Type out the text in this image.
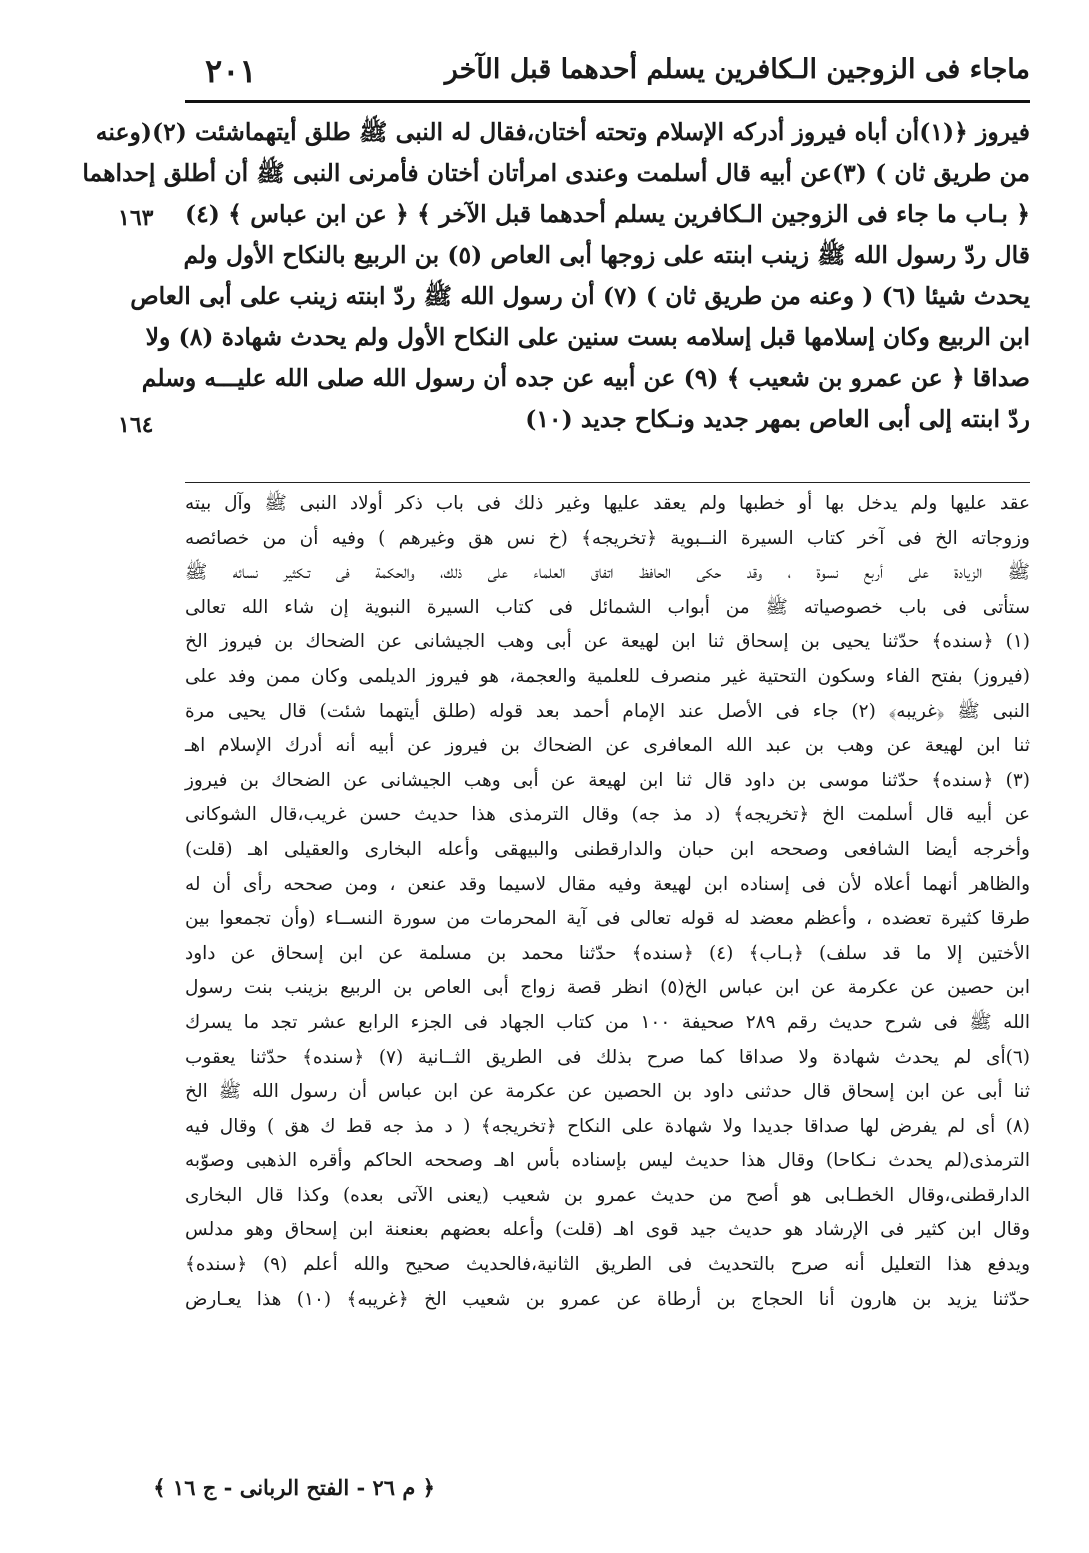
ماجاء فى الزوجين الـكافرين يسلم أحدهما قبل الآخر
٢٠١
١٦٣
١٦٤
فيروز ﴿(١)أن أباه فيروز أدركه الإسلام وتحته أختان،فقال له النبى ﷺ طلق أيتهماشئت (٢)(وعنه
من طريق ثان ) (٣)عن أبيه قال أسلمت وعندى امرأتان أختان فأمرنى النبى ﷺ أن أطلق إحداهما
﴿ بـاب ما جاء فى الزوجين الـكافرين يسلم أحدهما قبل الآخر ﴾ ﴿ عن ابن عباس ﴾ (٤)
قال ردّ رسول الله ﷺ زينب ابنته على زوجها أبى العاص (٥) بن الربيع بالنكاح الأول ولم
يحدث شيئا (٦) ( وعنه من طريق ثان ) (٧) أن رسول الله ﷺ ردّ ابنته زينب على أبى العاص
ابن الربيع وكان إسلامها قبل إسلامه بست سنين على النكاح الأول ولم يحدث شهادة (٨) ولا
صداقا ﴿ عن عمرو بن شعيب ﴾ (٩) عن أبيه عن جده أن رسول الله صلى الله عليـــه وسلم
ردّ ابنته إلى أبى العاص بمهر جديد ونـكاح جديد (١٠)
عقد عليها ولم يدخل بها أو خطبها ولم يعقد عليها وغير ذلك فى باب ذكر أولاد النبى ﷺ وآل بيته
وزوجاته الخ فى آخر كتاب السيرة النــبوية ﴿تخريجه﴾ (خ نس هق وغيرهم ) وفيه أن من خصائصه
ﷺ الزيادة على أربع نسوة ، وقد حكى الحافظ اتفاق العلماء على ذلك، والحكمة فى تـكثير نسائه ﷺ
ستأتى فى باب خصوصياته ﷺ من أبواب الشمائل فى كتاب السيرة النبوية إن شاء الله تعالى
(١) ﴿سنده﴾ حدّثنا يحيى بن إسحاق ثنا ابن لهيعة عن أبى وهب الجيشانى عن الضحاك بن فيروز الخ
(فيروز) بفتح الفاء وسكون التحتية غير منصرف للعلمية والعجمة، هو فيروز الديلمى وكان ممن وفد على
النبى ﷺ ﴿غريبه﴾ (٢) جاء فى الأصل عند الإمام أحمد بعد قوله (طلق أيتهما شئت) قال يحيى مرة
ثنا ابن لهيعة عن وهب بن عبد الله المعافرى عن الضحاك بن فيروز عن أبيه أنه أدرك الإسلام اهـ
(٣) ﴿سنده﴾ حدّثنا موسى بن داود قال ثنا ابن لهيعة عن أبى وهب الجيشانى عن الضحاك بن فيروز
عن أبيه قال أسلمت الخ ﴿تخريجه﴾ (د مذ جه) وقال الترمذى هذا حديث حسن غريب،قال الشوكانى
وأخرجه أيضا الشافعى وصححه ابن حبان والدارقطنى والبيهقى وأعله البخارى والعقيلى اهـ (قلت)
والظاهر أنهما أعلاه لأن فى إسناده ابن لهيعة وفيه مقال لاسيما وقد عنعن ، ومن صححه رأى أن له
طرقا كثيرة تعضده ، وأعظم معضد له قوله تعالى فى آية المحرمات من سورة النســاء (وأن تجمعوا بين
الأختين إلا ما قد سلف) ﴿بـاب﴾ (٤) ﴿سنده﴾ حدّثنا محمد بن مسلمة عن ابن إسحاق عن داود
ابن حصين عن عكرمة عن ابن عباس الخ(٥) انظر قصة زواج أبى العاص بن الربيع بزينب بنت رسول
الله ﷺ فى شرح حديث رقم ٢٨٩ صحيفة ١٠٠ من كتاب الجهاد فى الجزء الرابع عشر تجد ما يسرك
(٦)أى لم يحدث شهادة ولا صداقا كما صرح بذلك فى الطريق الثــانية (٧) ﴿سنده﴾ حدّثنا يعقوب
ثنا أبى عن ابن إسحاق قال حدثنى داود بن الحصين عن عكرمة عن ابن عباس أن رسول الله ﷺ الخ
(٨) أى لم يفرض لها صداقا جديدا ولا شهادة على النكاح ﴿تخريجه﴾ ( د مذ جه قط ك هق ) وقال فيه
الترمذى(لم يحدث نـكاحا) وقال هذا حديث ليس بإسناده بأس اهـ وصححه الحاكم وأقره الذهبى وصوّبه
الدارقطنى،وقال الخطـابى هو أصح من حديث عمرو بن شعيب (يعنى الآتى بعده) وكذا قال البخارى
وقال ابن كثير فى الإرشاد هو حديث جيد قوى اهـ (قلت) وأعله بعضهم بعنعنة ابن إسحاق وهو مدلس
ويدفع هذا التعليل أنه صرح بالتحديث فى الطريق الثانية،فالحديث صحيح والله أعلم (٩) ﴿سنده﴾
حدّثنا يزيد بن هارون أنا الحجاج بن أرطاة عن عمرو بن شعيب الخ ﴿غريبه﴾ (١٠) هذا يعـارض
﴿ م ٢٦ - الفتح الربانى - ج ١٦ ﴾
